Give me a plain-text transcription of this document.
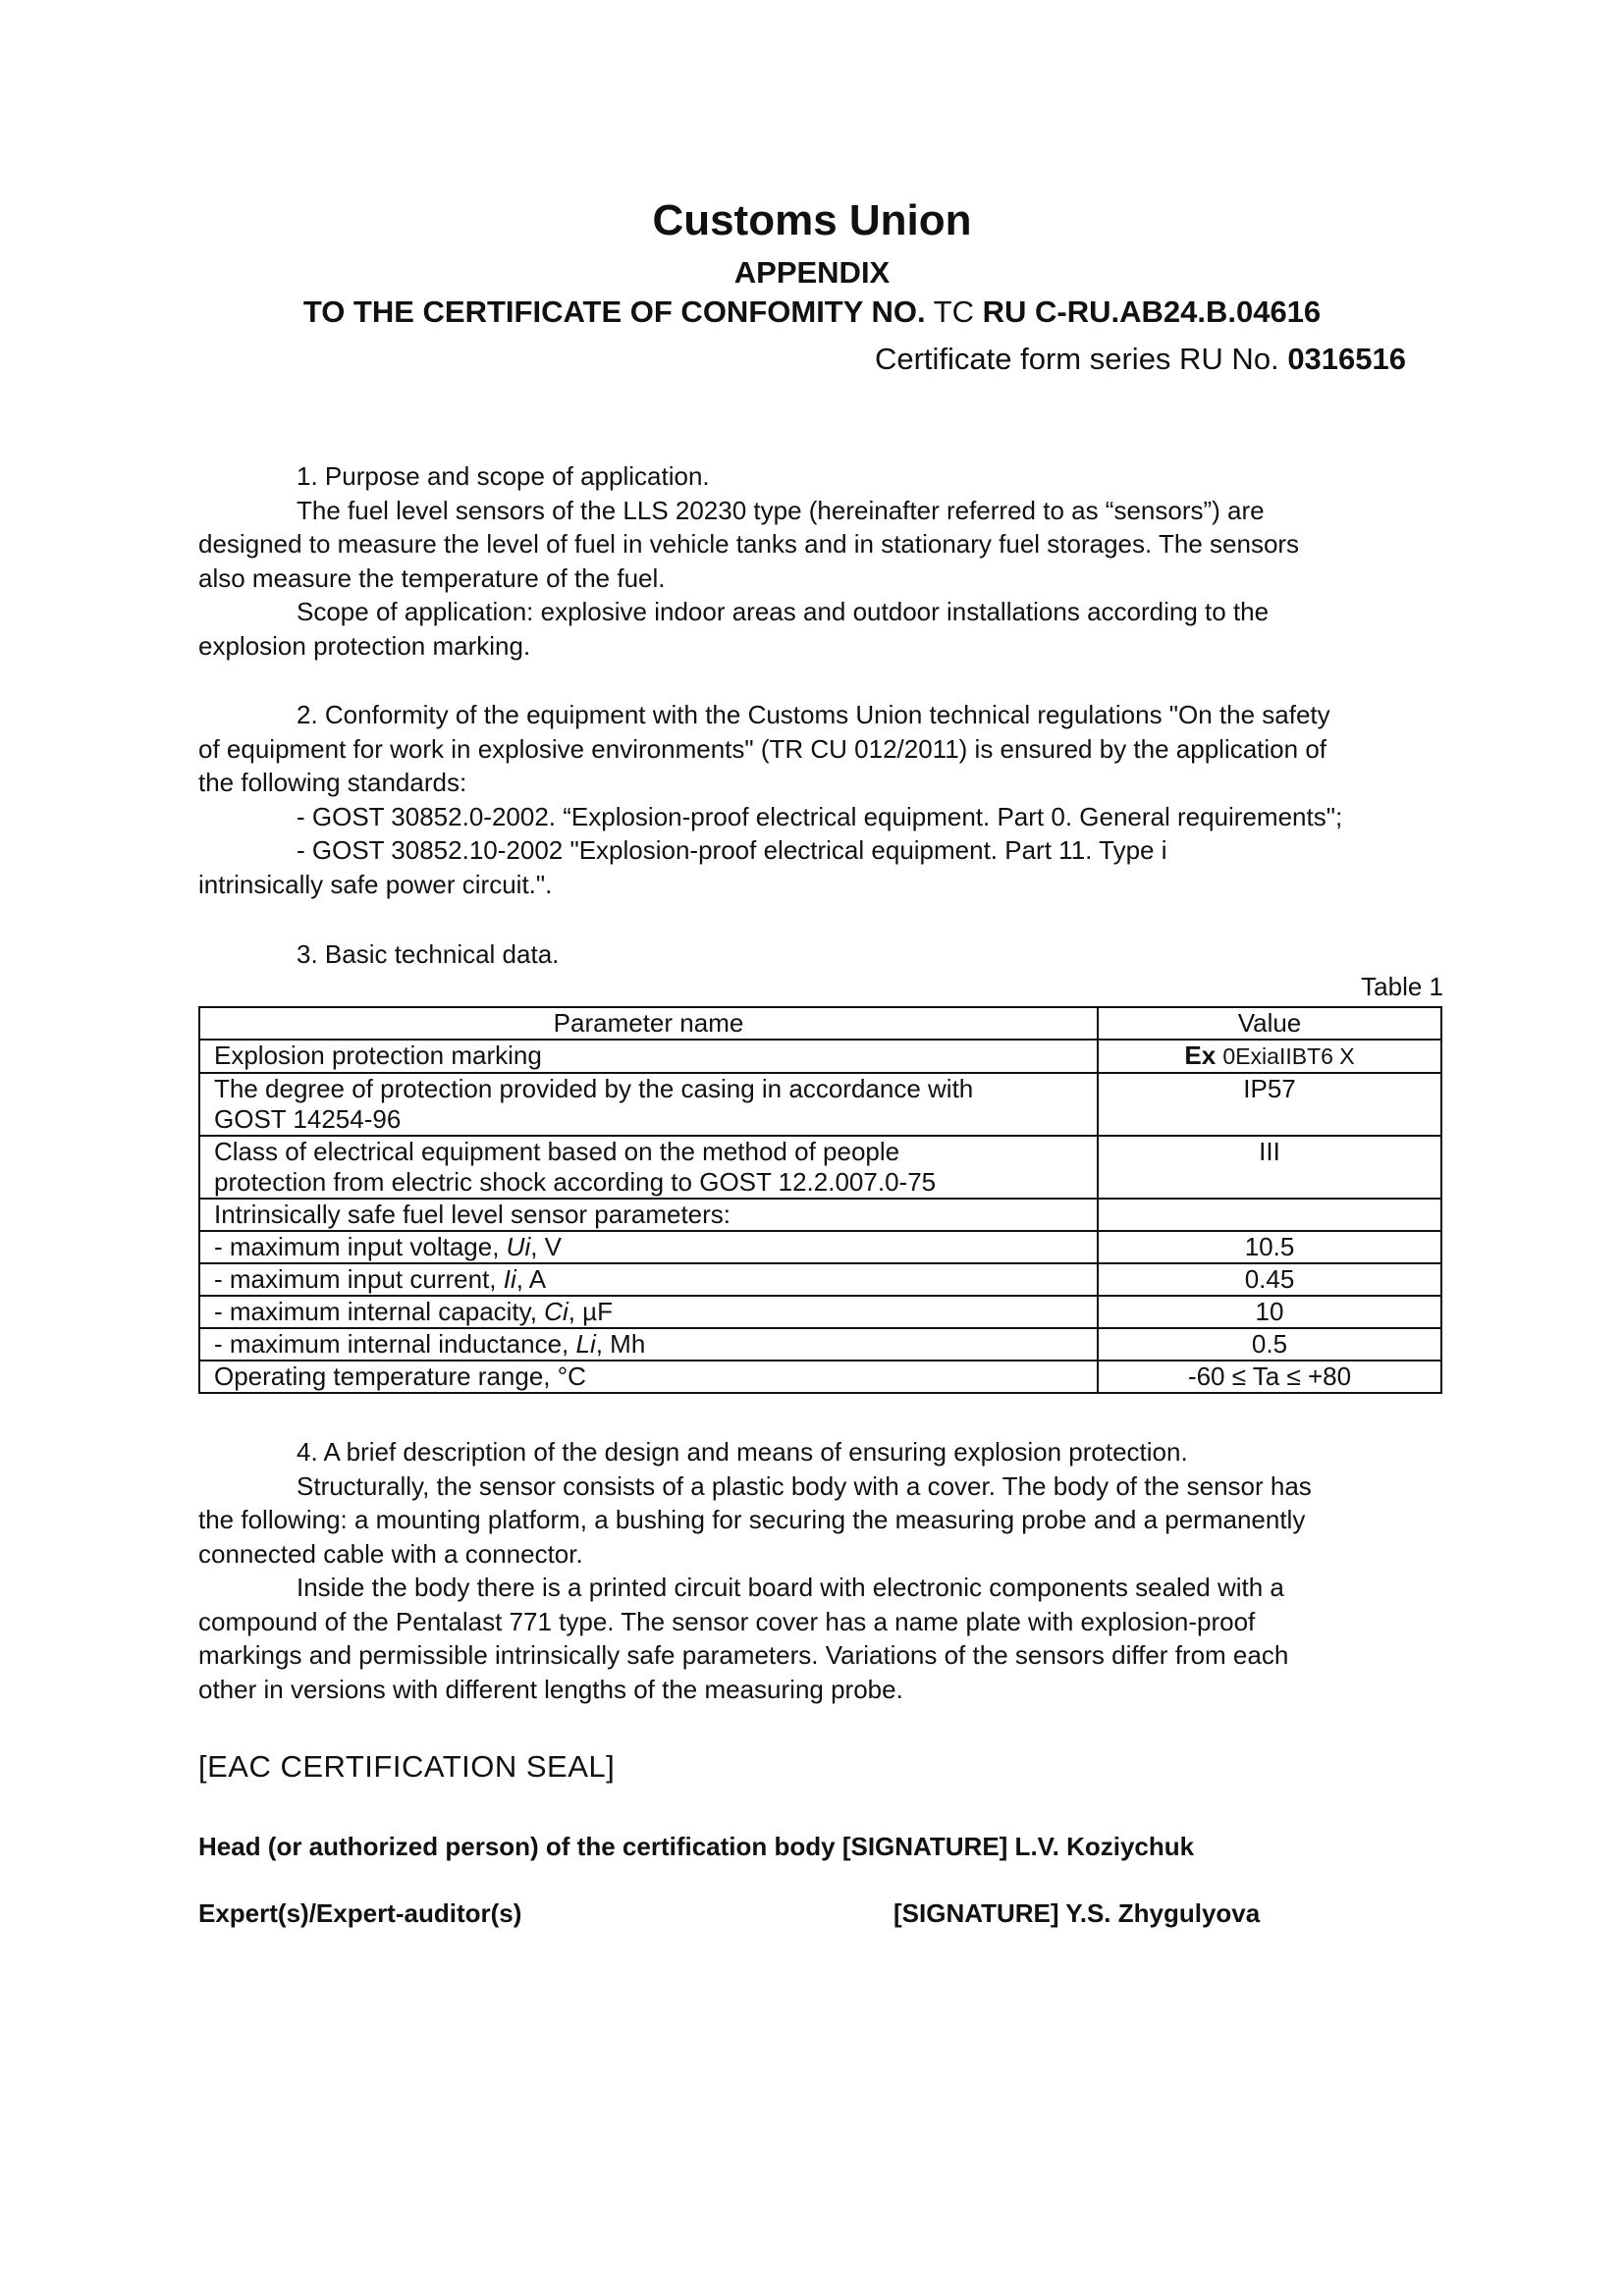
Customs Union
APPENDIX
TO THE CERTIFICATE OF CONFOMITY NO. TC RU C-RU.AB24.B.04616
Certificate form series RU No. 0316516

1. Purpose and scope of application.

The fuel level sensors of the LLS 20230 type (hereinafter referred to as “sensors”) are

designed to measure the level of fuel in vehicle tanks and in stationary fuel storages. The sensors

also measure the temperature of the fuel.

Scope of application: explosive indoor areas and outdoor installations according to the

explosion protection marking.

2. Conformity of the equipment with the Customs Union technical regulations "On the safety

of equipment for work in explosive environments" (TR CU 012/2011) is ensured by the application of

the following standards:

- GOST 30852.0-2002. “Explosion-proof electrical equipment. Part 0. General requirements";

- GOST 30852.10-2002 "Explosion-proof electrical equipment. Part 11. Type i

intrinsically safe power circuit.".

3. Basic technical data.

Table 1
Parameter name	Value
Explosion protection marking	Ex 0ExiaIIBT6 X
The degree of protection provided by the casing in accordance with
GOST 14254-96	IP57
Class of electrical equipment based on the method of people
protection from electric shock according to GOST 12.2.007.0-75	III
Intrinsically safe fuel level sensor parameters:	
- maximum input voltage, Ui, V	10.5
- maximum input current, Ii, A	0.45
- maximum internal capacity, Ci, µF	10
- maximum internal inductance, Li, Mh	0.5
Operating temperature range, °C	-60 ≤ Ta ≤ +80

4. A brief description of the design and means of ensuring explosion protection.

Structurally, the sensor consists of a plastic body with a cover. The body of the sensor has

the following: a mounting platform, a bushing for securing the measuring probe and a permanently

connected cable with a connector.

Inside the body there is a printed circuit board with electronic components sealed with a

compound of the Pentalast 771 type. The sensor cover has a name plate with explosion-proof

markings and permissible intrinsically safe parameters. Variations of the sensors differ from each

other in versions with different lengths of the measuring probe.

[EAC CERTIFICATION SEAL]
Head (or authorized person) of the certification body [SIGNATURE] L.V. Koziychuk
Expert(s)/Expert-auditor(s)	[SIGNATURE] Y.S. Zhygulyova
